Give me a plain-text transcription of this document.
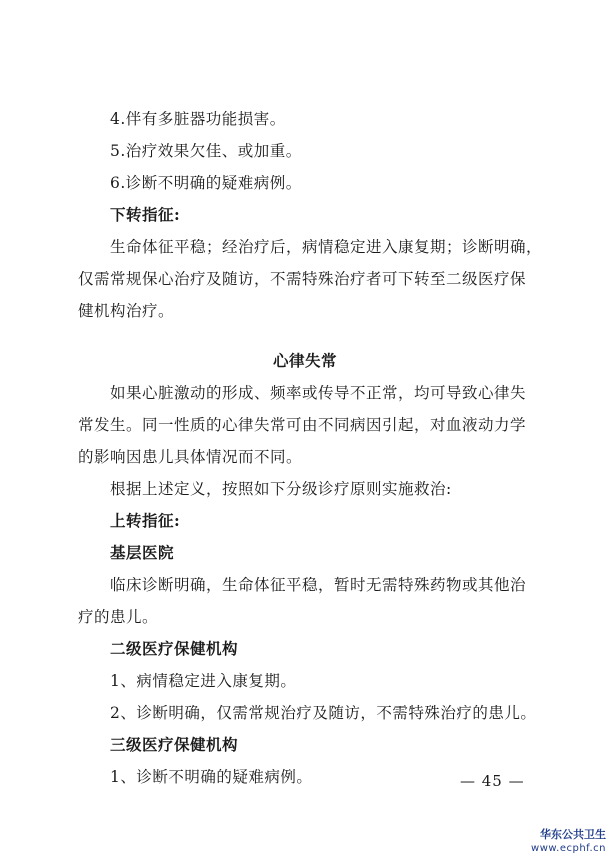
4.伴有多脏器功能损害。
5.治疗效果欠佳、或加重。
6.诊断不明确的疑难病例。
下转指征:
生命体征平稳；经治疗后，病情稳定进入康复期；诊断明确，
仅需常规保心治疗及随访，不需特殊治疗者可下转至二级医疗保
健机构治疗。
心律失常
如果心脏激动的形成、频率或传导不正常，均可导致心律失
常发生。同一性质的心律失常可由不同病因引起，对血液动力学
的影响因患儿具体情况而不同。
根据上述定义，按照如下分级诊疗原则实施救治:
上转指征:
基层医院
临床诊断明确，生命体征平稳，暂时无需特殊药物或其他治
疗的患儿。
二级医疗保健机构
1、病情稳定进入康复期。
2、诊断明确，仅需常规治疗及随访，不需特殊治疗的患儿。
三级医疗保健机构
1、诊断不明确的疑难病例。	— 45 —
华东公共卫生
www.ecphf.cn
